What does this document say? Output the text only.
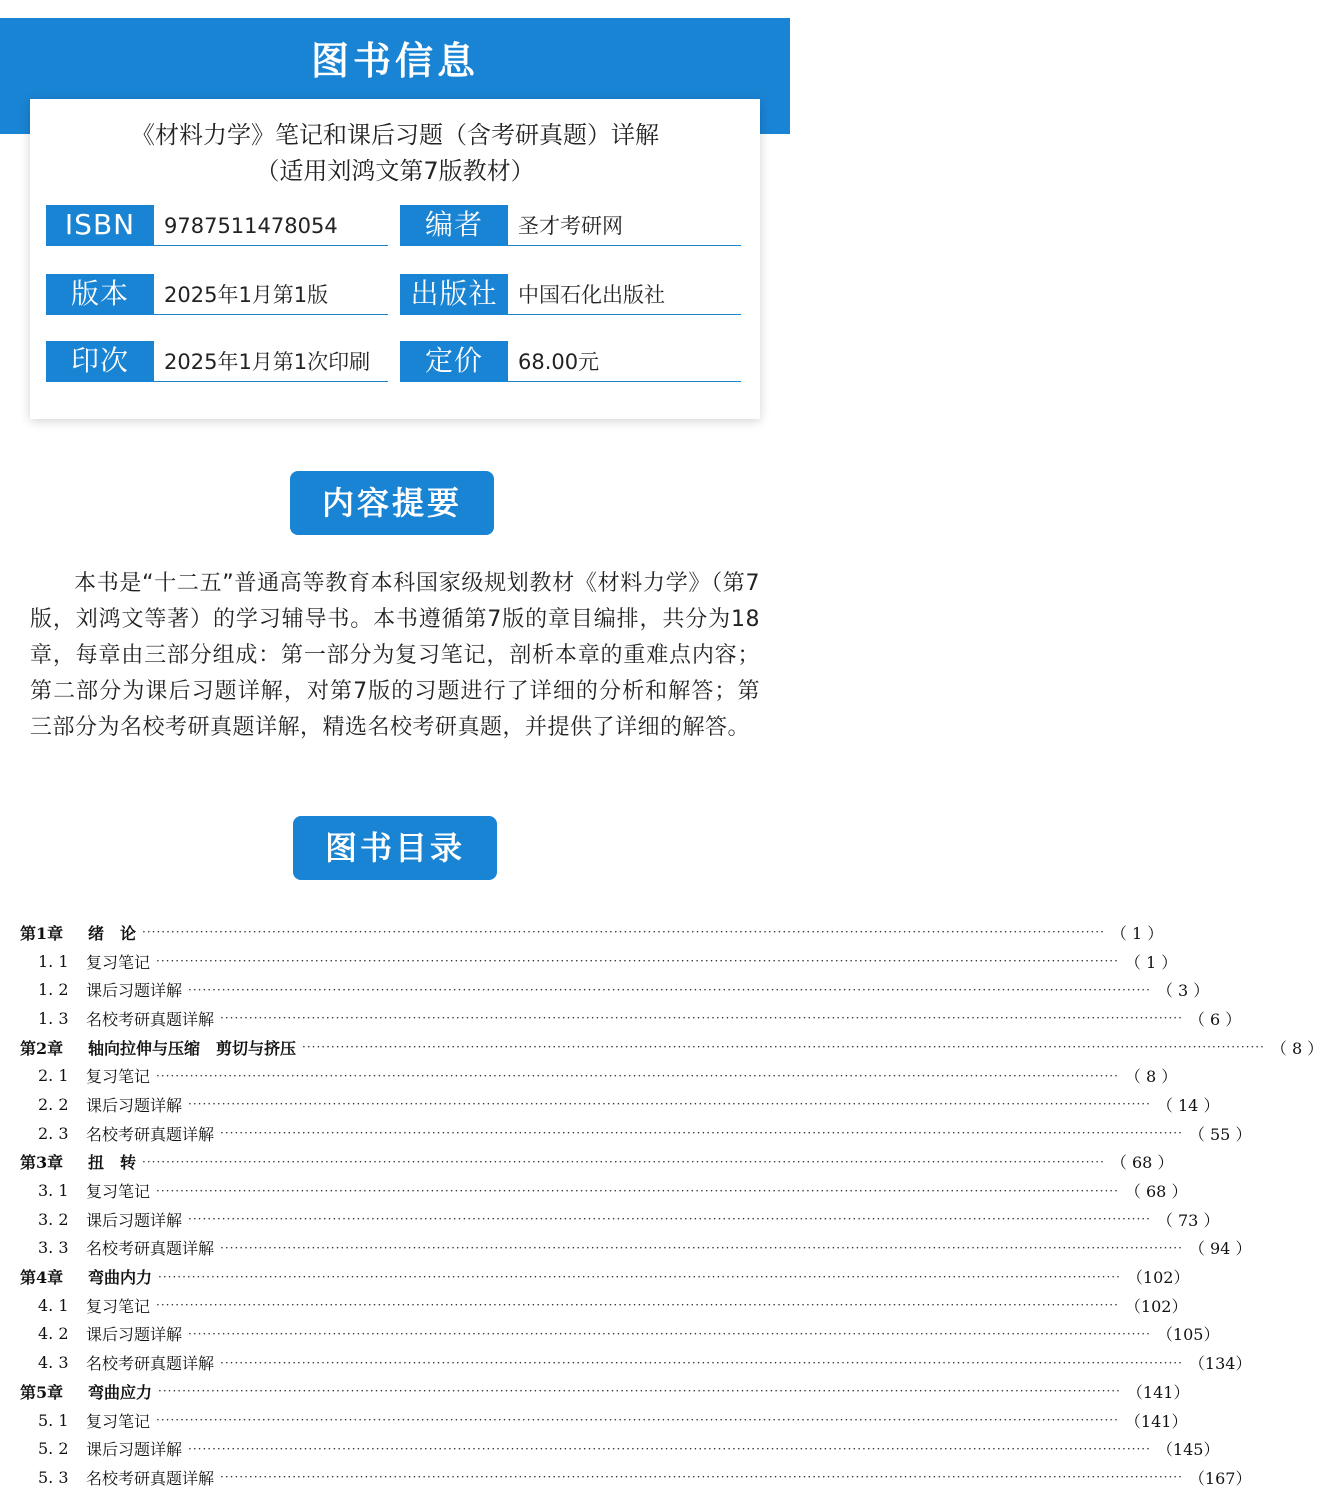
图书信息
《材料力学》笔记和课后习题（含考研真题）详解
（适用刘鸿文第7版教材）
ISBN	9787511478054	编者	圣才考研网
版本	2025年1月第1版	出版社 中国石化出版社
印次	2025年1月第1次印刷	定价	68.00元
内容提要
本书是“十二五”普通高等教育本科国家级规划教材《材料力学》（第7版，刘鸿文等著）的学习辅导书。本书遵循第7版的章目编排，共分为18章，每章由三部分组成：第一部分为复习笔记，剖析本章的重难点内容；第二部分为课后习题详解，对第7版的习题进行了详细的分析和解答；第三部分为名校考研真题详解，精选名校考研真题，并提供了详细的解答。
图书目录
第1章	绪　论 ········································································································································································································ （ 1 ）
1. 1	复习笔记 ········································································································································································································ （ 1 ）
1. 2	课后习题详解 ········································································································································································································ （ 3 ）
1. 3	名校考研真题详解 ········································································································································································································ （ 6 ）
第2章	轴向拉伸与压缩　剪切与挤压 ········································································································································································································ （ 8 ）
2. 1	复习笔记 ········································································································································································································ （ 8 ）
2. 2	课后习题详解 ········································································································································································································ （ 14 ）
2. 3	名校考研真题详解 ········································································································································································································ （ 55 ）
第3章	扭　转 ········································································································································································································ （ 68 ）
3. 1	复习笔记 ········································································································································································································ （ 68 ）
3. 2	课后习题详解 ········································································································································································································ （ 73 ）
3. 3	名校考研真题详解 ········································································································································································································ （ 94 ）
第4章	弯曲内力 ········································································································································································································ （102）
4. 1	复习笔记 ········································································································································································································ （102）
4. 2	课后习题详解 ········································································································································································································ （105）
4. 3	名校考研真题详解 ········································································································································································································ （134）
第5章	弯曲应力 ········································································································································································································ （141）
5. 1	复习笔记 ········································································································································································································ （141）
5. 2	课后习题详解 ········································································································································································································ （145）
5. 3	名校考研真题详解 ········································································································································································································ （167）
